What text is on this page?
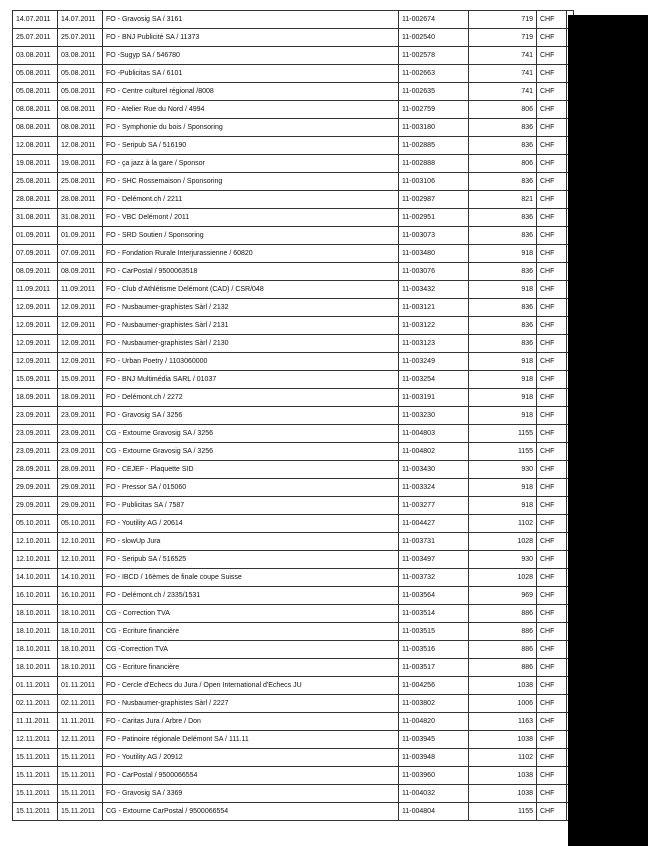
14.07.2011	14.07.2011	FO - Gravosig SA / 3161	11-002674	719	CHF	
25.07.2011	25.07.2011	FO - BNJ Publicité SA / 11373	11-002540	719	CHF	
03.08.2011	03.08.2011	FO -Sugyp SA / 546780	11-002578	741	CHF	
05.08.2011	05.08.2011	FO -Publicitas SA / 6101	11-002663	741	CHF	
05.08.2011	05.08.2011	FO - Centre culturel régional /8008	11-002635	741	CHF	
08.08.2011	08.08.2011	FO - Atelier Rue du Nord / 4994	11-002759	806	CHF	
08.08.2011	08.08.2011	FO - Symphonie du bois / Sponsoring	11-003180	836	CHF	
12.08.2011	12.08.2011	FO - Seripub SA / 516190	11-002885	836	CHF	
19.08.2011	19.08.2011	FO - ça jazz à la gare / Sponsor	11-002888	806	CHF	
25.08.2011	25.08.2011	FO - SHC Rossemaison / Sponsoring	11-003106	836	CHF	
28.08.2011	28.08.2011	FO - Delémont.ch / 2211	11-002987	821	CHF	
31.08.2011	31.08.2011	FO - VBC Delémont / 2011	11-002951	836	CHF	
01.09.2011	01.09.2011	FO - SRD Soutien / Sponsoring	11-003073	836	CHF	
07.09.2011	07.09.2011	FO - Fondation Rurale Interjurassienne / 60820	11-003480	918	CHF	
08.09.2011	08.09.2011	FO - CarPostal / 9500063518	11-003076	836	CHF	
11.09.2011	11.09.2011	FO - Club d'Athlétisme Delémont (CAD) / CSR/048	11-003432	918	CHF	
12.09.2011	12.09.2011	FO - Nusbaumer-graphistes Sàrl / 2132	11-003121	836	CHF	
12.09.2011	12.09.2011	FO - Nusbaumer-graphistes Sàrl / 2131	11-003122	836	CHF	
12.09.2011	12.09.2011	FO - Nusbaumer-graphistes Sàrl / 2130	11-003123	836	CHF	
12.09.2011	12.09.2011	FO - Urban Poetry / 1103060000	11-003249	918	CHF	
15.09.2011	15.09.2011	FO - BNJ Multimédia SARL / 01037	11-003254	918	CHF	
18.09.2011	18.09.2011	FO - Delémont.ch / 2272	11-003191	918	CHF	
23.09.2011	23.09.2011	FO - Gravosig SA / 3256	11-003230	918	CHF	
23.09.2011	23.09.2011	CG - Extourne Gravosig SA / 3256	11-004803	1155	CHF	
23.09.2011	23.09.2011	CG - Extourne Gravosig SA / 3256	11-004802	1155	CHF	
28.09.2011	28.09.2011	FO - CEJEF - Plaquette SID	11-003430	930	CHF	
29.09.2011	29.09.2011	FO - Pressor SA / 015060	11-003324	918	CHF	
29.09.2011	29.09.2011	FO - Publicitas SA / 7587	11-003277	918	CHF	
05.10.2011	05.10.2011	FO - Youtility AG / 20614	11-004427	1102	CHF	
12.10.2011	12.10.2011	FO - slowUp Jura	11-003731	1028	CHF	
12.10.2011	12.10.2011	FO - Seripub SA / 516525	11-003497	930	CHF	
14.10.2011	14.10.2011	FO - IBCD / 16èmes de finale coupe Suisse	11-003732	1028	CHF	
16.10.2011	16.10.2011	FO - Delémont.ch / 2335/1531	11-003564	969	CHF	
18.10.2011	18.10.2011	CG - Correction TVA	11-003514	886	CHF	
18.10.2011	18.10.2011	CG - Ecriture financière	11-003515	886	CHF	
18.10.2011	18.10.2011	CG -Correction TVA	11-003516	886	CHF	
18.10.2011	18.10.2011	CG - Ecriture financière	11-003517	886	CHF	
01.11.2011	01.11.2011	FO - Cercle d'Echecs du Jura / Open International d'Echecs JU	11-004256	1038	CHF	
02.11.2011	02.11.2011	FO - Nusbaumer-graphistes Sàrl / 2227	11-003802	1006	CHF	
11.11.2011	11.11.2011	FO - Caritas Jura / Arbre / Don	11-004820	1163	CHF	
12.11.2011	12.11.2011	FO - Patinoire régionale Delémont SA / 111.11	11-003945	1038	CHF	
15.11.2011	15.11.2011	FO - Youtility AG / 20912	11-003948	1102	CHF	
15.11.2011	15.11.2011	FO - CarPostal / 9500066554	11-003960	1038	CHF	
15.11.2011	15.11.2011	FO - Gravosig SA / 3369	11-004032	1038	CHF	
15.11.2011	15.11.2011	CG - Extourne CarPostal / 9500066554	11-004804	1155	CHF	
